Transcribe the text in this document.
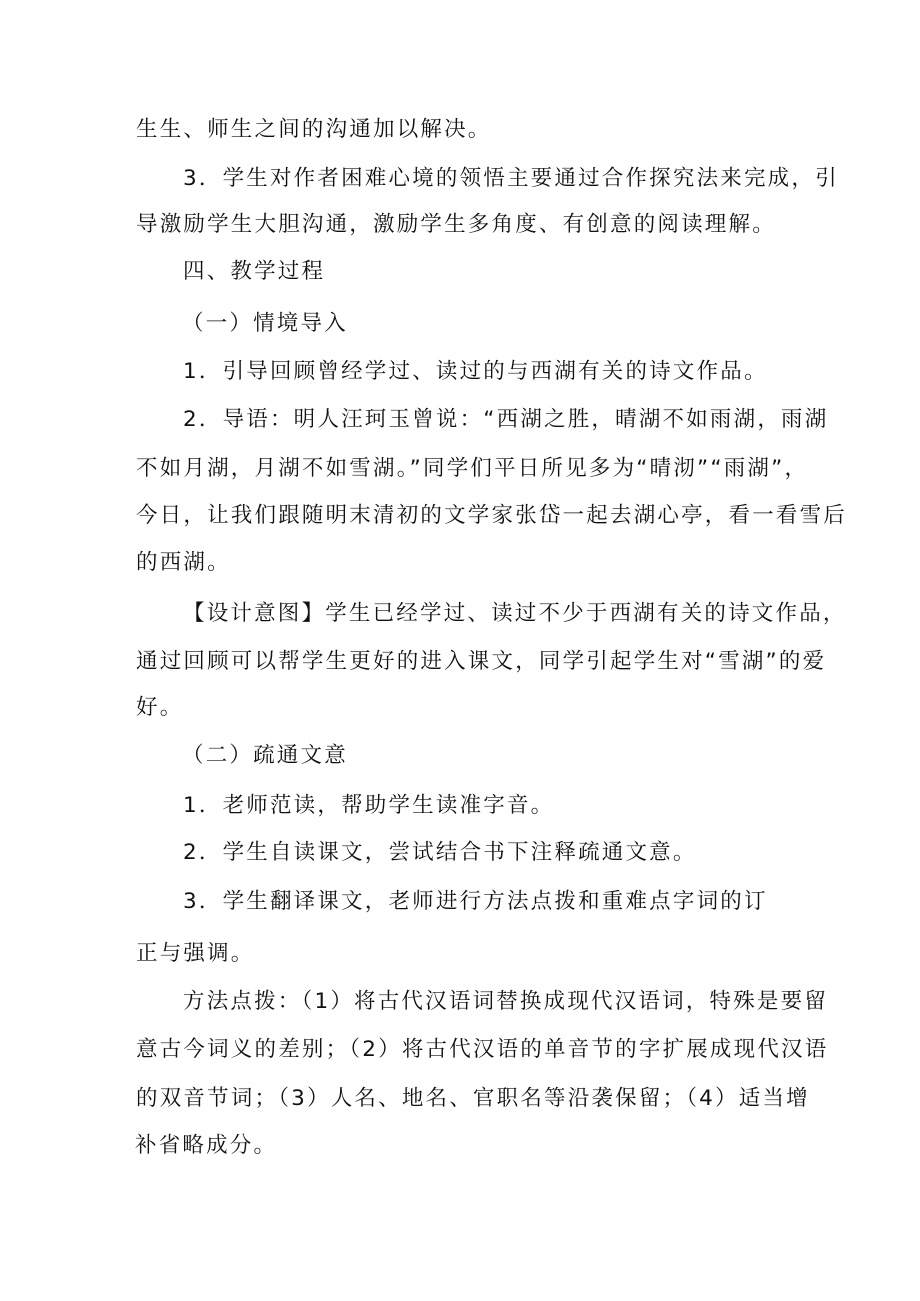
生生、师生之间的沟通加以解决。
3．学生对作者困难心境的领悟主要通过合作探究法来完成，引
导激励学生大胆沟通，激励学生多角度、有创意的阅读理解。
四、教学过程
（一）情境导入
1．引导回顾曾经学过、读过的与西湖有关的诗文作品。
2．导语：明人汪珂玉曾说：“西湖之胜，晴湖不如雨湖，雨湖
不如月湖，月湖不如雪湖。”同学们平日所见多为“晴沏”“雨湖”，
今日，让我们跟随明末清初的文学家张岱一起去湖心亭，看一看雪后
的西湖。
【设计意图】学生已经学过、读过不少于西湖有关的诗文作品，
通过回顾可以帮学生更好的进入课文，同学引起学生对“雪湖”的爱
好。
（二）疏通文意
1．老师范读，帮助学生读准字音。
2．学生自读课文，尝试结合书下注释疏通文意。
3．学生翻译课文，老师进行方法点拨和重难点字词的订
正与强调。
方法点拨：（1）将古代汉语词替换成现代汉语词，特殊是要留
意古今词义的差别；（2）将古代汉语的单音节的字扩展成现代汉语
的双音节词；（3）人名、地名、官职名等沿袭保留；（4）适当增
补省略成分。
